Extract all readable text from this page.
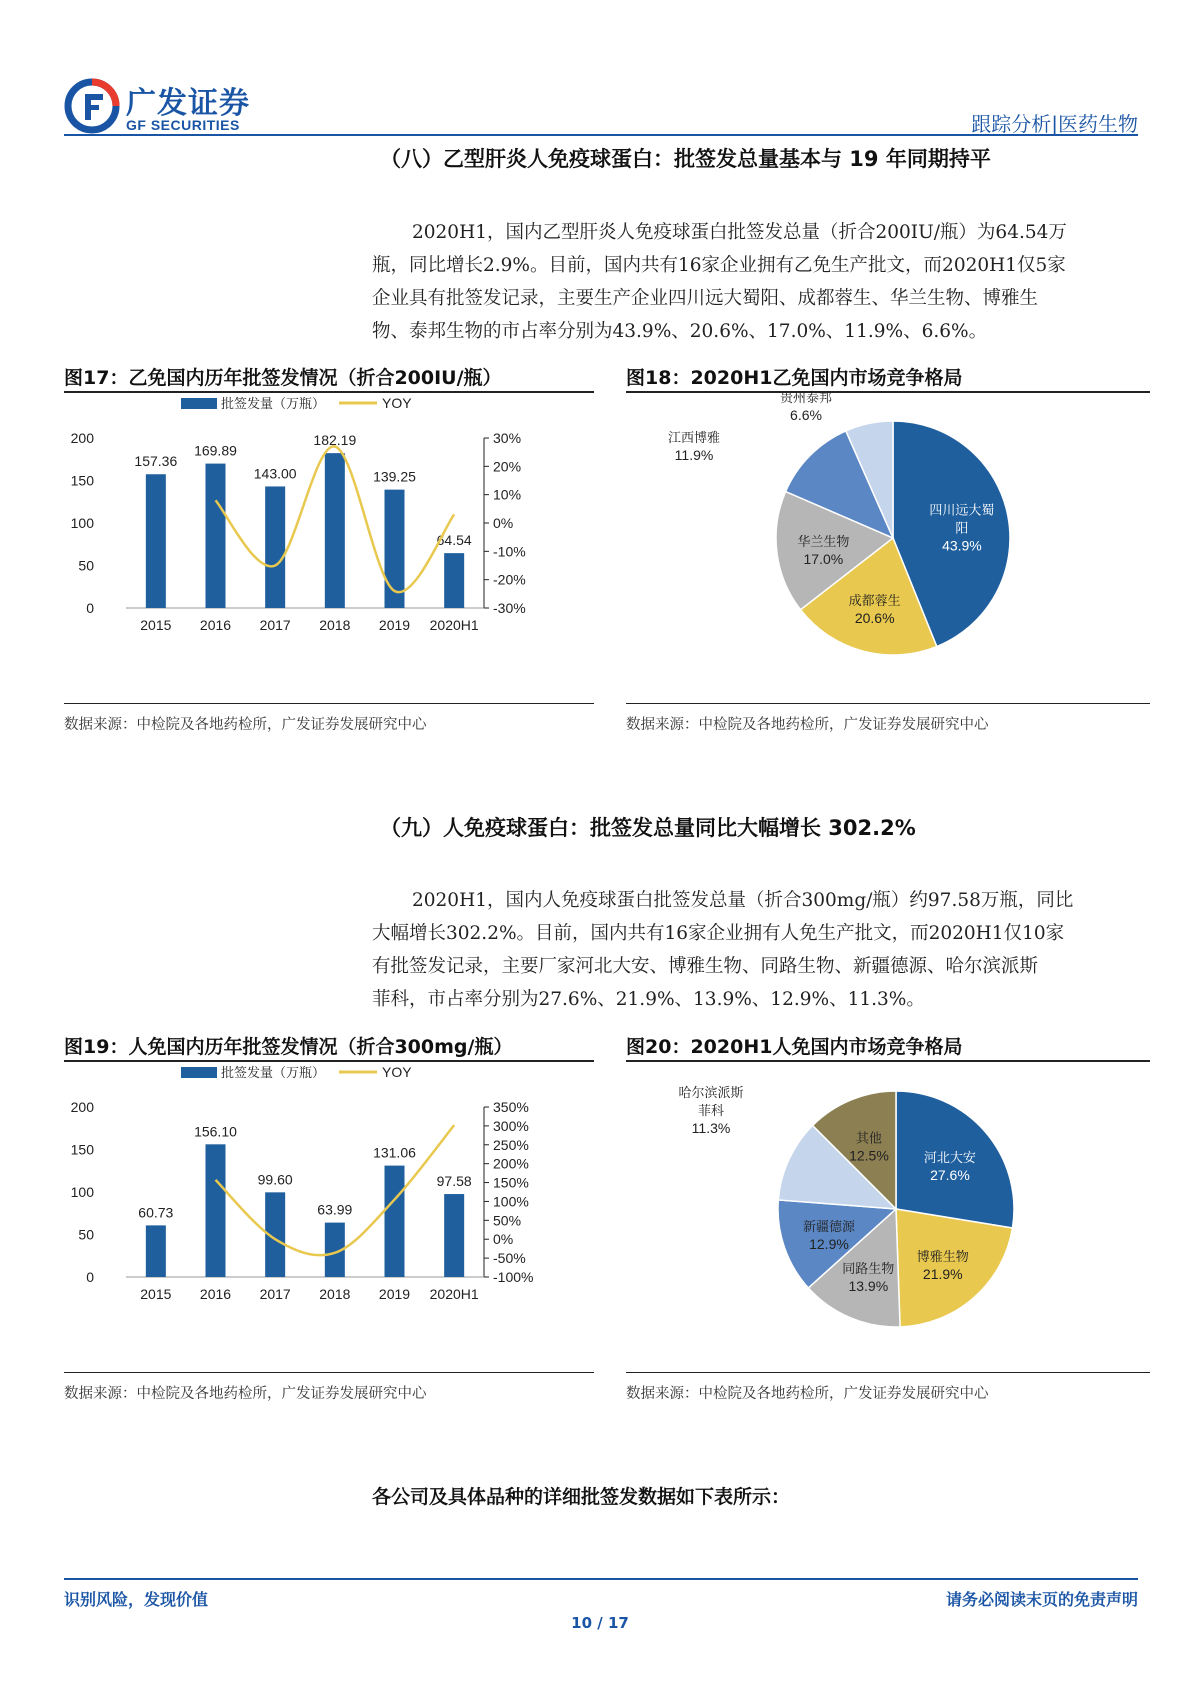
广发证券
GF SECURITIES	跟踪分析|医药生物
（八）乙型肝炎人免疫球蛋白：批签发总量基本与 19 年同期持平
2020H1，国内乙型肝炎人免疫球蛋白批签发总量（折合200IU/瓶）为64.54万
瓶，同比增长2.9%。目前，国内共有16家企业拥有乙免生产批文，而2020H1仅5家
企业具有批签发记录，主要生产企业四川远大蜀阳、成都蓉生、华兰生物、博雅生
物、泰邦生物的市占率分别为43.9%、20.6%、17.0%、11.9%、6.6%。
图17：乙免国内历年批签发情况（折合200IU/瓶）
批签发量（万瓶）	YOY
0
50
100
150
200
-30%
-20%
-10%
0%
10%
20%
30%
157.36
2015
169.89
2016
143.00
2017
182.19
2018
139.25
2019
64.54
2020H1
数据来源：中检院及各地药检所，广发证券发展研究中心
图18：2020H1乙免国内市场竞争格局
四川远大蜀
阳
43.9%
成都蓉生
20.6%
华兰生物
17.0%
江西博雅
11.9%
贵州泰邦
6.6%
数据来源：中检院及各地药检所，广发证券发展研究中心
（九）人免疫球蛋白：批签发总量同比大幅增长 302.2%
2020H1，国内人免疫球蛋白批签发总量（折合300mg/瓶）约97.58万瓶，同比
大幅增长302.2%。目前，国内共有16家企业拥有人免生产批文，而2020H1仅10家
有批签发记录，主要厂家河北大安、博雅生物、同路生物、新疆德源、哈尔滨派斯
菲科，市占率分别为27.6%、21.9%、13.9%、12.9%、11.3%。
图19：人免国内历年批签发情况（折合300mg/瓶）
批签发量（万瓶）	YOY
0
50
100
150
200
-100%
-50%
0%
50%
100%
150%
200%
250%
300%
350%
60.73
2015
156.10
2016
99.60
2017
63.99
2018
131.06
2019
97.58
2020H1
数据来源：中检院及各地药检所，广发证券发展研究中心
图20：2020H1人免国内市场竞争格局
河北大安
27.6%
博雅生物
21.9%
同路生物
13.9%
新疆德源
12.9%
哈尔滨派斯
菲科
11.3%
其他
12.5%
数据来源：中检院及各地药检所，广发证券发展研究中心
各公司及具体品种的详细批签发数据如下表所示：
识别风险，发现价值	请务必阅读末页的免责声明
10 / 17
